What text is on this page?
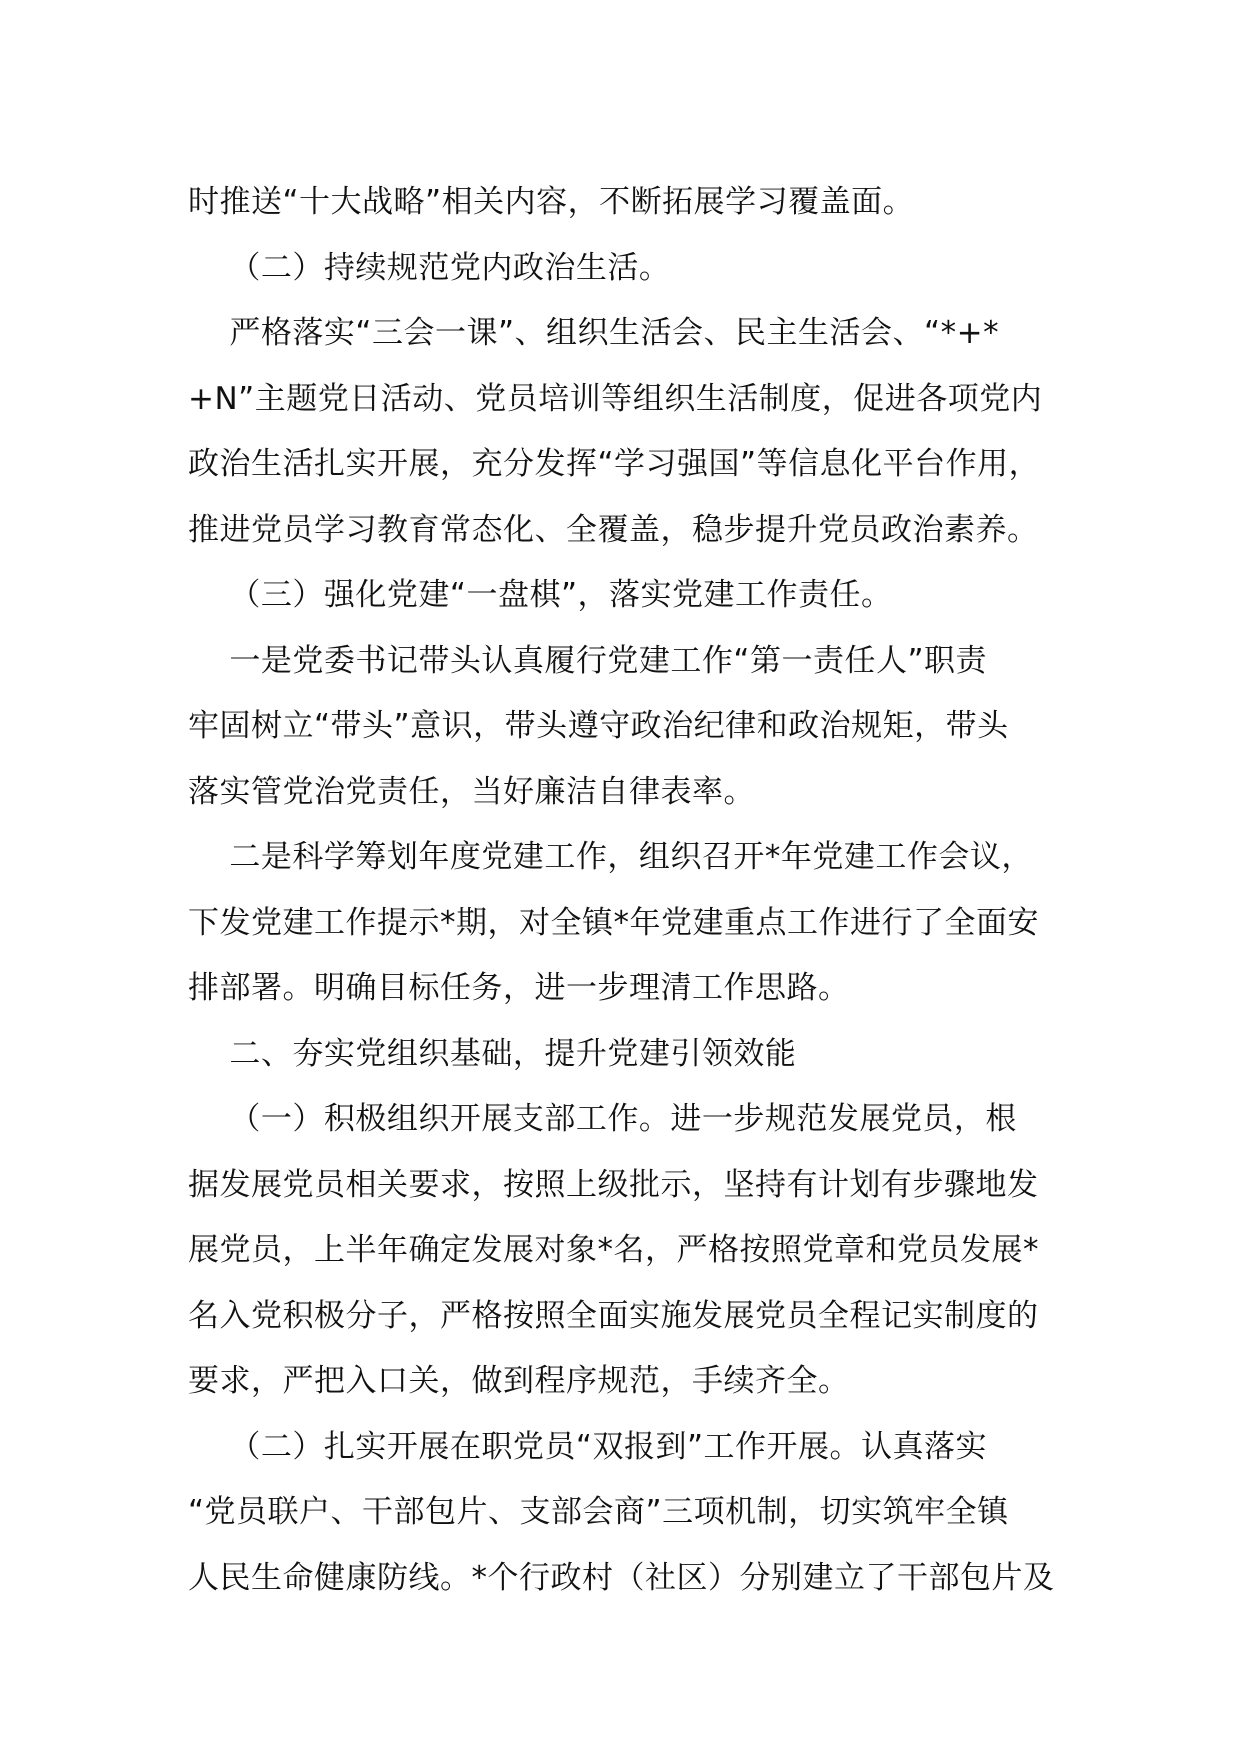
时推送“十大战略”相关内容，不断拓展学习覆盖面。

（二）持续规范党内政治生活。

严格落实“三会一课”、组织生活会、民主生活会、“*+*

+N”主题党日活动、党员培训等组织生活制度，促进各项党内

政治生活扎实开展，充分发挥“学习强国”等信息化平台作用，

推进党员学习教育常态化、全覆盖，稳步提升党员政治素养。

（三）强化党建“一盘棋”，落实党建工作责任。

一是党委书记带头认真履行党建工作“第一责任人”职责

牢固树立“带头”意识，带头遵守政治纪律和政治规矩，带头

落实管党治党责任，当好廉洁自律表率。

二是科学筹划年度党建工作，组织召开*年党建工作会议，

下发党建工作提示*期，对全镇*年党建重点工作进行了全面安

排部署。明确目标任务，进一步理清工作思路。

二、夯实党组织基础，提升党建引领效能

（一）积极组织开展支部工作。进一步规范发展党员，根

据发展党员相关要求，按照上级批示，坚持有计划有步骤地发

展党员，上半年确定发展对象*名，严格按照党章和党员发展*

名入党积极分子，严格按照全面实施发展党员全程记实制度的

要求，严把入口关，做到程序规范，手续齐全。

（二）扎实开展在职党员“双报到”工作开展。认真落实

“党员联户、干部包片、支部会商”三项机制，切实筑牢全镇

人民生命健康防线。*个行政村（社区）分别建立了干部包片及
